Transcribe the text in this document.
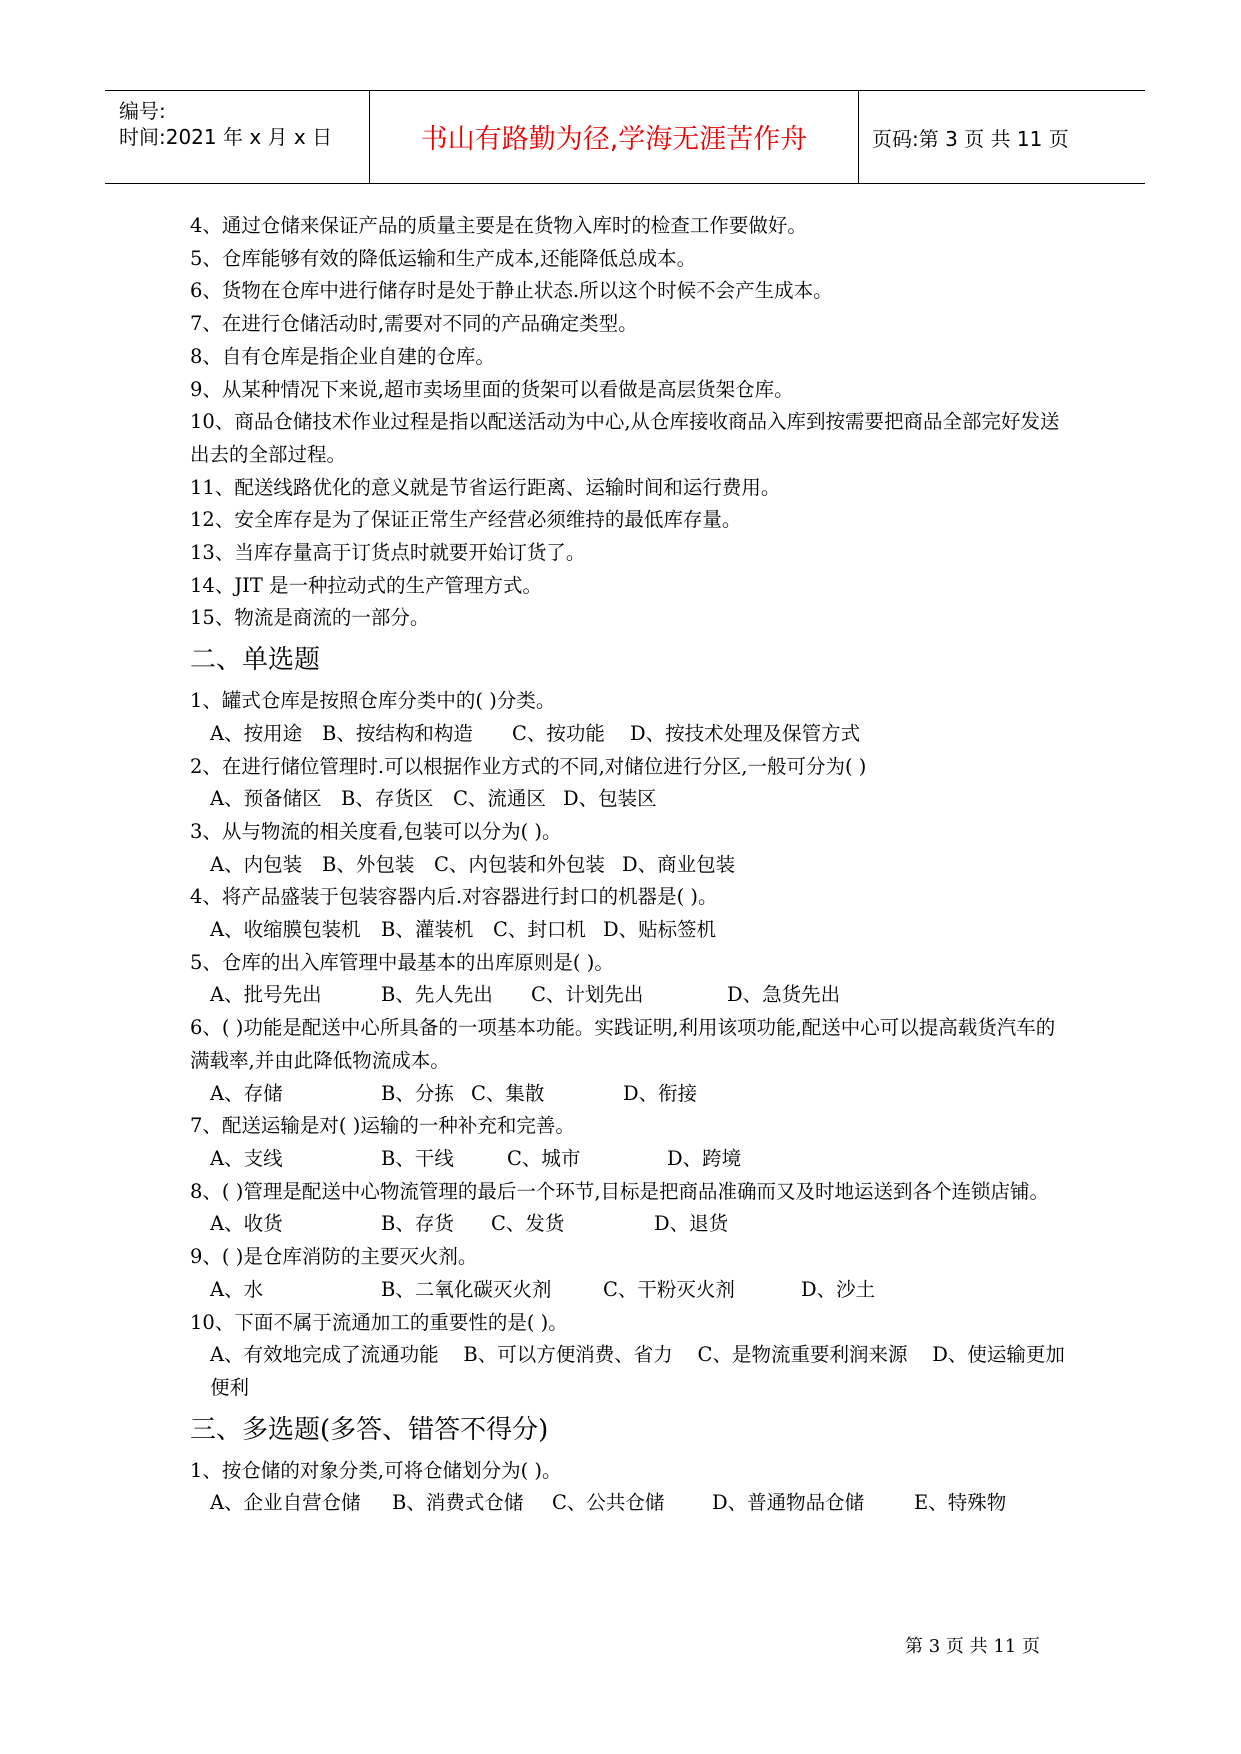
编号:
时间:2021 年 x 月 x 日	书山有路勤为径,学海无涯苦作舟	页码:第 3 页 共 11 页
4、通过仓储来保证产品的质量主要是在货物入库时的检查工作要做好。
5、仓库能够有效的降低运输和生产成本,还能降低总成本。
6、货物在仓库中进行储存时是处于静止状态.所以这个时候不会产生成本。
7、在进行仓储活动时,需要对不同的产品确定类型。
8、自有仓库是指企业自建的仓库。
9、从某种情况下来说,超市卖场里面的货架可以看做是高层货架仓库。
10、商品仓储技术作业过程是指以配送活动为中心,从仓库接收商品入库到按需要把商品全部完好发送出去的全部过程。
11、配送线路优化的意义就是节省运行距离、运输时间和运行费用。
12、安全库存是为了保证正常生产经营必须维持的最低库存量。
13、当库存量高于订货点时就要开始订货了。
14、JIT 是一种拉动式的生产管理方式。
15、物流是商流的一部分。
二、单选题
1、罐式仓库是按照仓库分类中的( )分类。
A、按用途 B、按结构和构造 C、按功能 D、按技术处理及保管方式
2、在进行储位管理时.可以根据作业方式的不同,对储位进行分区,一般可分为( )
A、预备储区 B、存货区 C、流通区 D、包装区
3、从与物流的相关度看,包装可以分为( )。
A、内包装 B、外包装 C、内包装和外包装 D、商业包装
4、将产品盛装于包装容器内后.对容器进行封口的机器是( )。
A、收缩膜包装机 B、灌装机 C、封口机 D、贴标签机
5、仓库的出入库管理中最基本的出库原则是( )。
A、批号先出	B、先人先出 C、计划先出	D、急货先出
6、( )功能是配送中心所具备的一项基本功能。实践证明,利用该项功能,配送中心可以提高载货汽车的满载率,并由此降低物流成本。
A、存储	B、分拣 C、集散	D、衔接
7、配送运输是对( )运输的一种补充和完善。
A、支线	B、干线	C、城市	D、跨境
8、( )管理是配送中心物流管理的最后一个环节,目标是把商品准确而又及时地运送到各个连锁店铺。
A、收货	B、存货 C、发货	D、退货
9、( )是仓库消防的主要灭火剂。
A、水	B、二氧化碳灭火剂	C、干粉灭火剂	D、沙土
10、下面不属于流通加工的重要性的是( )。
A、有效地完成了流通功能 B、可以方便消费、省力 C、是物流重要利润来源 D、使运输更加便利
三、多选题(多答、错答不得分)
1、按仓储的对象分类,可将仓储划分为( )。
A、企业自营仓储 B、消费式仓储 C、公共仓储 D、普通物品仓储	E、特殊物
第 3 页 共 11 页
